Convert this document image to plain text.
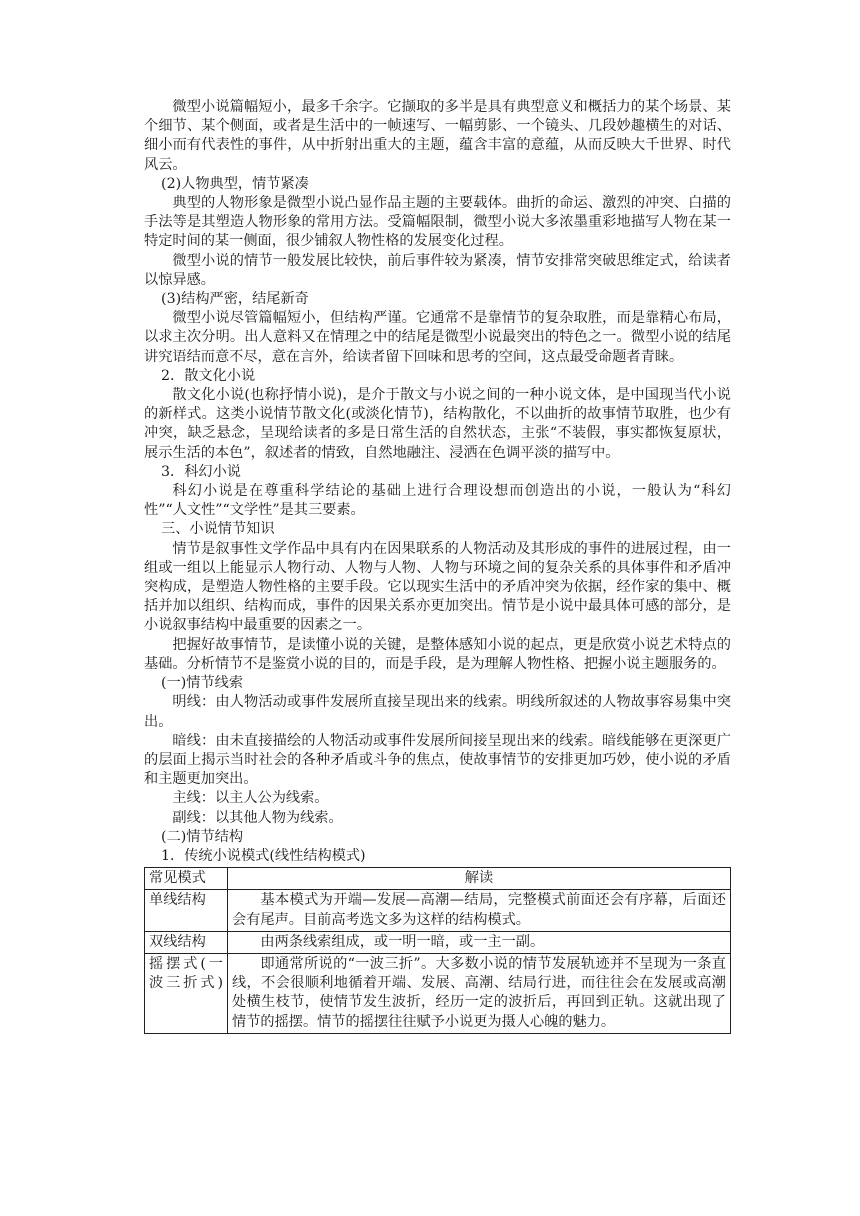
微型小说篇幅短小，最多千余字。它撷取的多半是具有典型意义和概括力的某个场景、某个细节、某个侧面，或者是生活中的一帧速写、一幅剪影、一个镜头、几段妙趣横生的对话、细小而有代表性的事件，从中折射出重大的主题，蕴含丰富的意蕴，从而反映大千世界、时代风云。

(2)人物典型，情节紧凑

典型的人物形象是微型小说凸显作品主题的主要载体。曲折的命运、激烈的冲突、白描的手法等是其塑造人物形象的常用方法。受篇幅限制，微型小说大多浓墨重彩地描写人物在某一特定时间的某一侧面，很少铺叙人物性格的发展变化过程。

微型小说的情节一般发展比较快，前后事件较为紧凑，情节安排常突破思维定式，给读者以惊异感。

(3)结构严密，结尾新奇

微型小说尽管篇幅短小，但结构严谨。它通常不是靠情节的复杂取胜，而是靠精心布局，以求主次分明。出人意料又在情理之中的结尾是微型小说最突出的特色之一。微型小说的结尾讲究语结而意不尽，意在言外，给读者留下回味和思考的空间，这点最受命题者青睐。

2．散文化小说

散文化小说(也称抒情小说)，是介于散文与小说之间的一种小说文体，是中国现当代小说的新样式。这类小说情节散文化(或淡化情节)，结构散化，不以曲折的故事情节取胜，也少有冲突，缺乏悬念，呈现给读者的多是日常生活的自然状态，主张“不装假，事实都恢复原状，展示生活的本色”，叙述者的情致，自然地融注、浸洒在色调平淡的描写中。

3．科幻小说

科幻小说是在尊重科学结论的基础上进行合理设想而创造出的小说，一般认为“科幻性”“人文性”“文学性”是其三要素。

三、小说情节知识

情节是叙事性文学作品中具有内在因果联系的人物活动及其形成的事件的进展过程，由一组或一组以上能显示人物行动、人物与人物、人物与环境之间的复杂关系的具体事件和矛盾冲突构成，是塑造人物性格的主要手段。它以现实生活中的矛盾冲突为依据，经作家的集中、概括并加以组织、结构而成，事件的因果关系亦更加突出。情节是小说中最具体可感的部分，是小说叙事结构中最重要的因素之一。

把握好故事情节，是读懂小说的关键，是整体感知小说的起点，更是欣赏小说艺术特点的基础。分析情节不是鉴赏小说的目的，而是手段，是为理解人物性格、把握小说主题服务的。

(一)情节线索

明线：由人物活动或事件发展所直接呈现出来的线索。明线所叙述的人物故事容易集中突出。

暗线：由未直接描绘的人物活动或事件发展所间接呈现出来的线索。暗线能够在更深更广的层面上揭示当时社会的各种矛盾或斗争的焦点，使故事情节的安排更加巧妙，使小说的矛盾和主题更加突出。

主线：以主人公为线索。

副线：以其他人物为线索。

(二)情节结构

1．传统小说模式(线性结构模式)

常见模式	解读
单线结构	基本模式为开端—发展—高潮—结局，完整模式前面还会有序幕，后面还会有尾声。目前高考选文多为这样的结构模式。
双线结构	由两条线索组成，或一明一暗，或一主一副。
摇摆式(一波三折式)	即通常所说的“一波三折”。大多数小说的情节发展轨迹并不呈现为一条直线，不会很顺利地循着开端、发展、高潮、结局行进，而往往会在发展或高潮处横生枝节，使情节发生波折，经历一定的波折后，再回到正轨。这就出现了情节的摇摆。情节的摇摆往往赋予小说更为摄人心魄的魅力。
